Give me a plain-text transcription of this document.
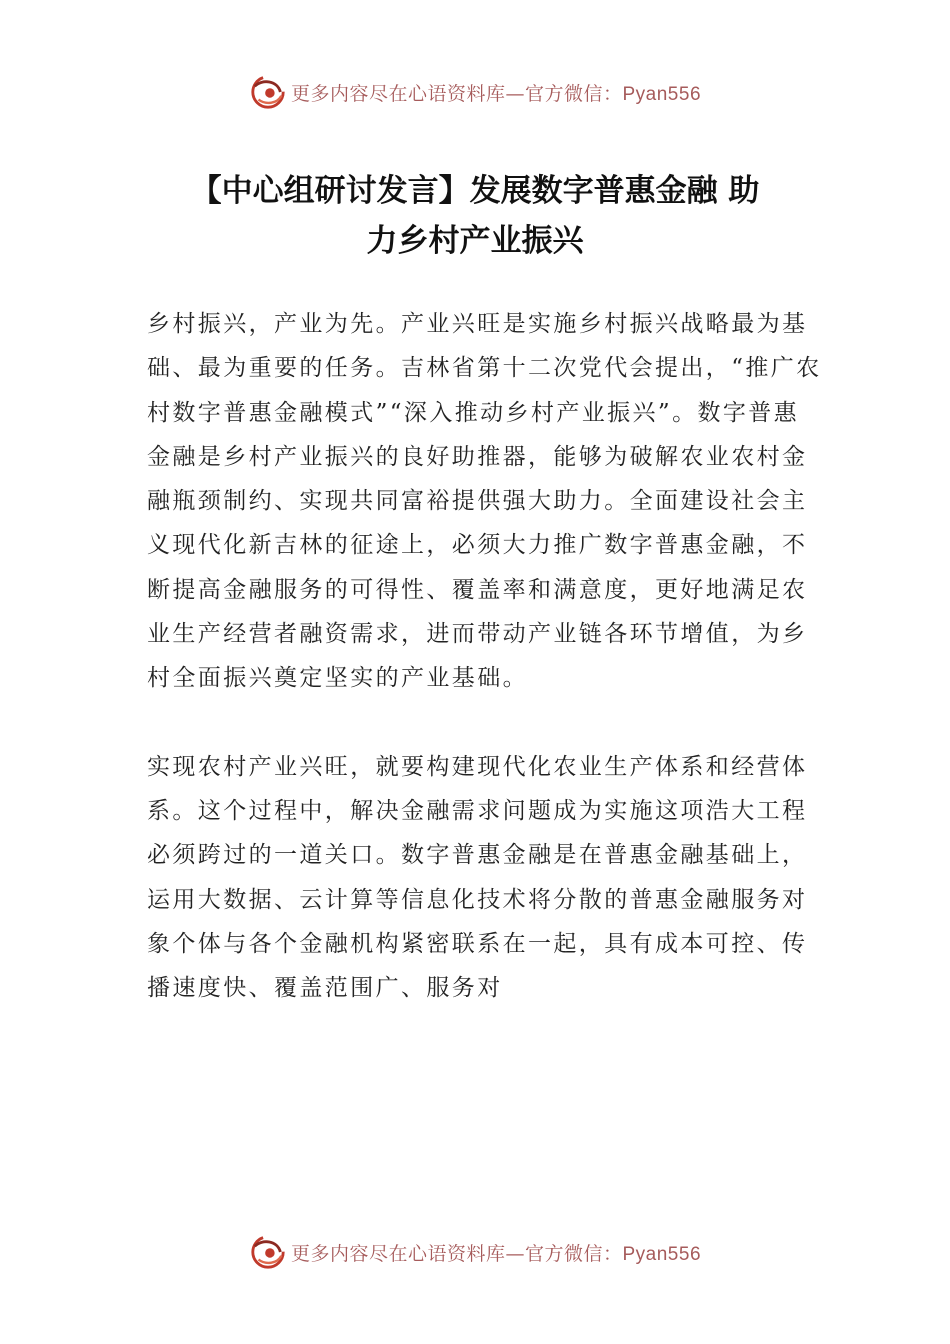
更多内容尽在心语资料库—官方微信：Pyan556
【中心组研讨发言】发展数字普惠金融 助
力乡村产业振兴

乡村振兴，产业为先。产业兴旺是实施乡村振兴战略最为基础、最为重要的任务。吉林省第十二次党代会提出，“推广农村数字普惠金融模式”“深入推动乡村产业振兴”。数字普惠金融是乡村产业振兴的良好助推器，能够为破解农业农村金融瓶颈制约、实现共同富裕提供强大助力。全面建设社会主义现代化新吉林的征途上，必须大力推广数字普惠金融，不断提高金融服务的可得性、覆盖率和满意度，更好地满足农业生产经营者融资需求，进而带动产业链各环节增值，为乡村全面振兴奠定坚实的产业基础。

实现农村产业兴旺，就要构建现代化农业生产体系和经营体系。这个过程中，解决金融需求问题成为实施这项浩大工程必须跨过的一道关口。数字普惠金融是在普惠金融基础上，运用大数据、云计算等信息化技术将分散的普惠金融服务对象个体与各个金融机构紧密联系在一起，具有成本可控、传播速度快、覆盖范围广、服务对

更多内容尽在心语资料库—官方微信：Pyan556
